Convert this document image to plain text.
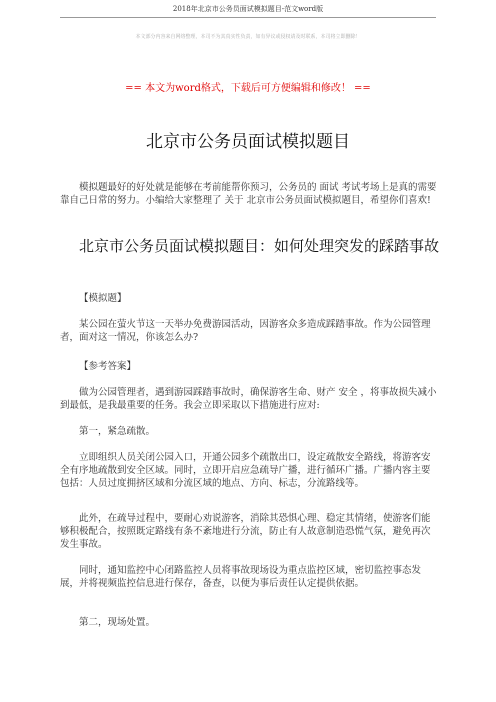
2018年北京市公务员面试模拟题目-范文word版
本文部分内容来自网络整理，本司不为其真实性负责，如有异议或侵权请及时联系，本司将立即删除！
== 本文为word格式，下载后可方便编辑和修改！ ==
北京市公务员面试模拟题目
模拟题最好的好处就是能够在考前能帮你预习，公务员的 面试 考试考场上是真的需要靠自己日常的努力。小编给大家整理了 关于 北京市公务员面试模拟题目，希望你们喜欢!
北京市公务员面试模拟题目：如何处理突发的踩踏事故
【模拟题】
某公园在萤火节这一天举办免费游园活动，因游客众多造成踩踏事故。作为公园管理者，面对这一情况，你该怎么办?
【参考答案】
做为公园管理者，遇到游园踩踏事故时，确保游客生命、财产 安全 ，将事故损失减小到最低，是我最重要的任务。我会立即采取以下措施进行应对:
第一，紧急疏散。
立即组织人员关闭公园入口，开通公园多个疏散出口，设定疏散安全路线，将游客安全有序地疏散到安全区域。同时，立即开启应急疏导广播，进行循环广播。广播内容主要包括：人员过度拥挤区域和分流区域的地点、方向、标志，分流路线等。
此外，在疏导过程中，要耐心劝说游客，消除其恐惧心理、稳定其情绪，使游客们能够积极配合，按照既定路线有条不紊地进行分流，防止有人故意制造恐慌气氛，避免再次发生事故。
同时，通知监控中心闭路监控人员将事故现场设为重点监控区域，密切监控事态发展，并将视频监控信息进行保存，备查，以便为事后责任认定提供依据。
第二，现场处置。
